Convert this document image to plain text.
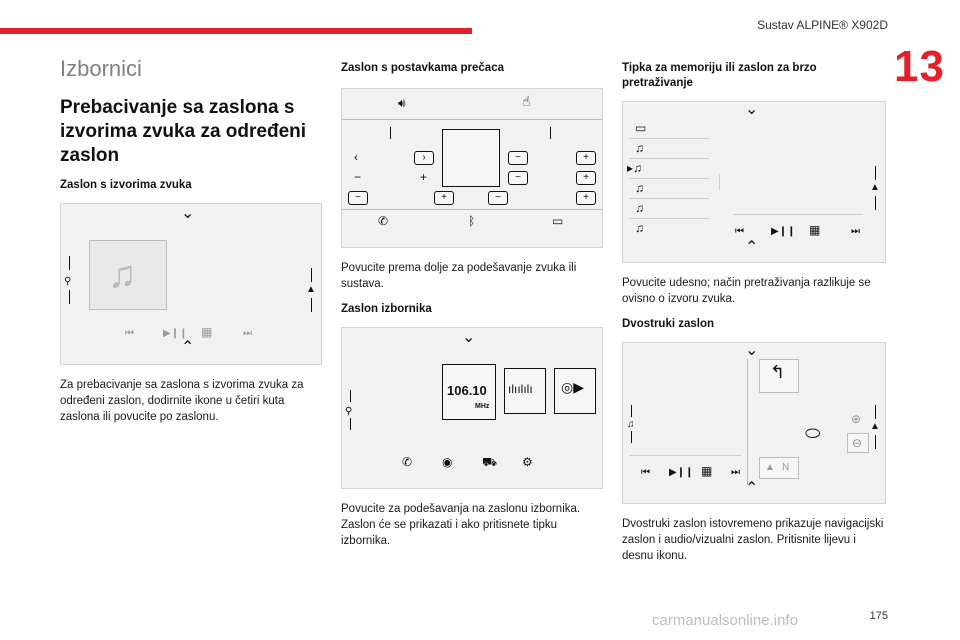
Sustav ALPINE® X902D
13
Izbornici
Prebacivanje sa zaslona s izvorima zvuka za određeni zaslon
Zaslon s izvorima zvuka
⌄
⚲
▲
♫
⏮	▶❙❙ ▦	⏭
⌃

Za prebacivanje sa zaslona s izvorima zvuka za određeni zaslon, dodirnite ikone u četiri kuta zaslona ili povucite po zaslonu.

Zaslon s postavkama prečaca
🔊︎	☝︎
‹	›	−	+
−	+	−	+
−	+	−	+
✆	ᛒ	▭

Povucite prema dolje za podešavanje zvuka ili sustava.

Zaslon izbornika
⌄
⚲
106.10
MHz
ılıılılı ◎▶
✆ ◉ ⛟ ⚙

Povucite za podešavanja na zaslonu izbornika. Zaslon će se prikazati i ako pritisnete tipku izbornika.

Tipka za memoriju ili zaslon za brzo pretraživanje
⌄
▭
♫
▸♫
♫
♫
♫
▲
⏮	▶❙❙ ▦	⏭
⌃

Povucite udesno; način pretraživanja razlikuje se ovisno o izvoru zvuka.

Dvostruki zaslon
⌄
↰
♫	⬭
⊕
⊖
▲
⏮ ▶❙❙ ▦ ⏭	▲ N
⌃

Dvostruki zaslon istovremeno prikazuje navigacijski zaslon i audio/vizualni zaslon. Pritisnite lijevu i desnu ikonu.

carmanualsonline.info	175
